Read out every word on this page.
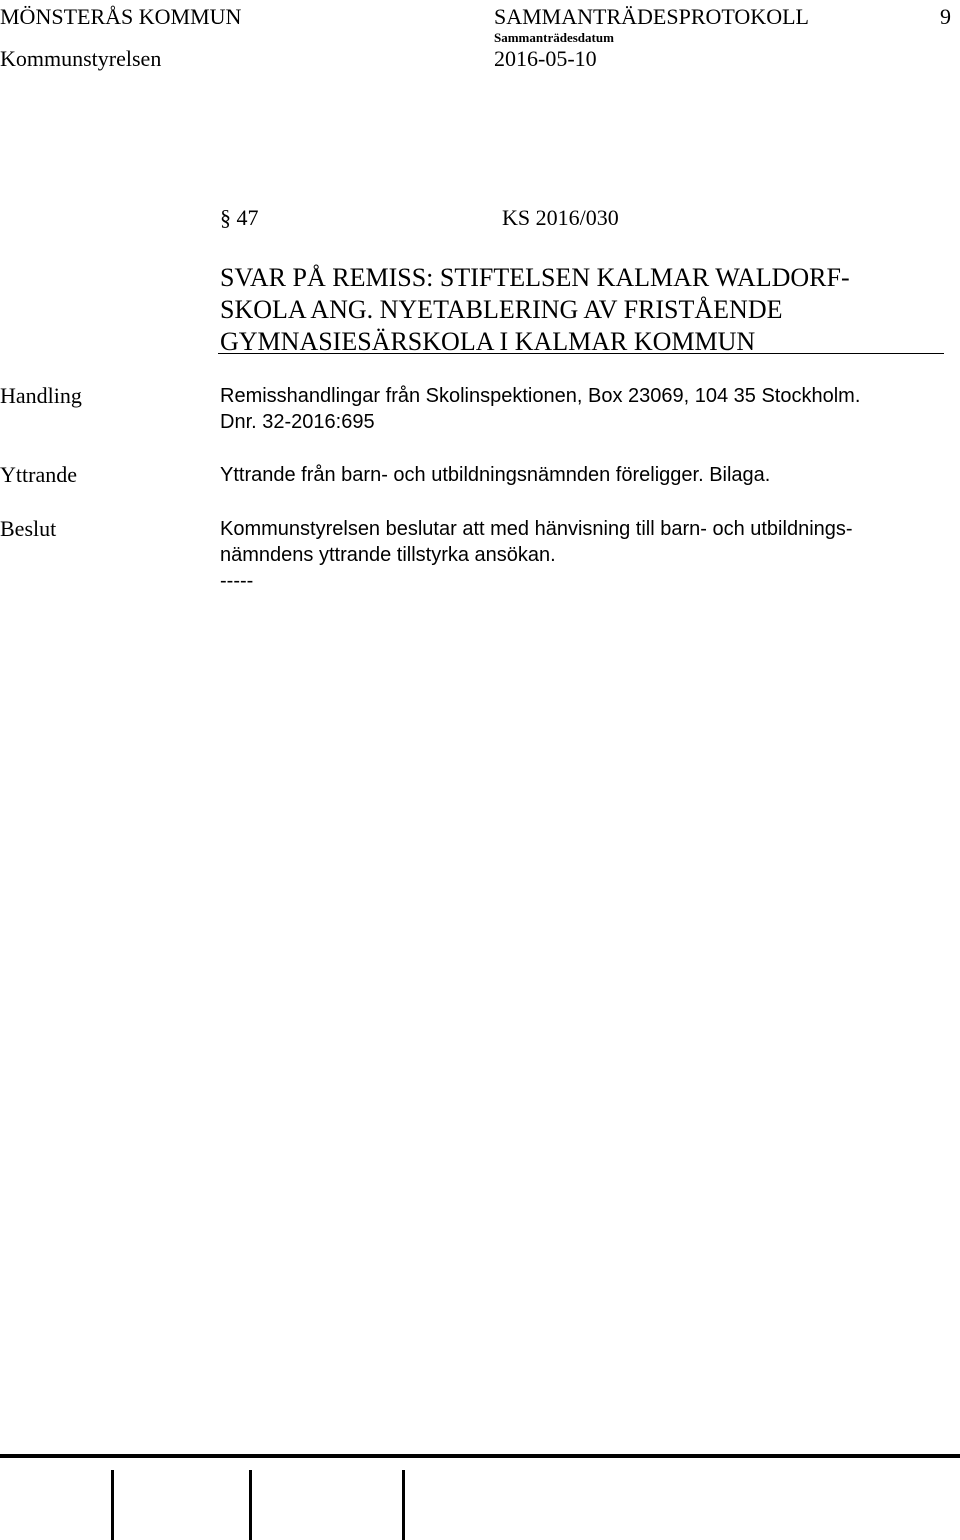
MÖNSTERÅS KOMMUN	SAMMANTRÄDESPROTOKOLL	9
Sammanträdesdatum
Kommunstyrelsen	2016-05-10
§ 47	KS 2016/030
SVAR PÅ REMISS: STIFTELSEN KALMAR WALDORF-
SKOLA ANG. NYETABLERING AV FRISTÅENDE
GYMNASIESÄRSKOLA I KALMAR KOMMUN
Handling	Remisshandlingar från Skolinspektionen, Box 23069, 104 35 Stockholm.
Dnr. 32-2016:695
Yttrande	Yttrande från barn- och utbildningsnämnden föreligger. Bilaga.
Beslut	Kommunstyrelsen beslutar att med hänvisning till barn- och utbildnings-
nämndens yttrande tillstyrka ansökan.
-----
